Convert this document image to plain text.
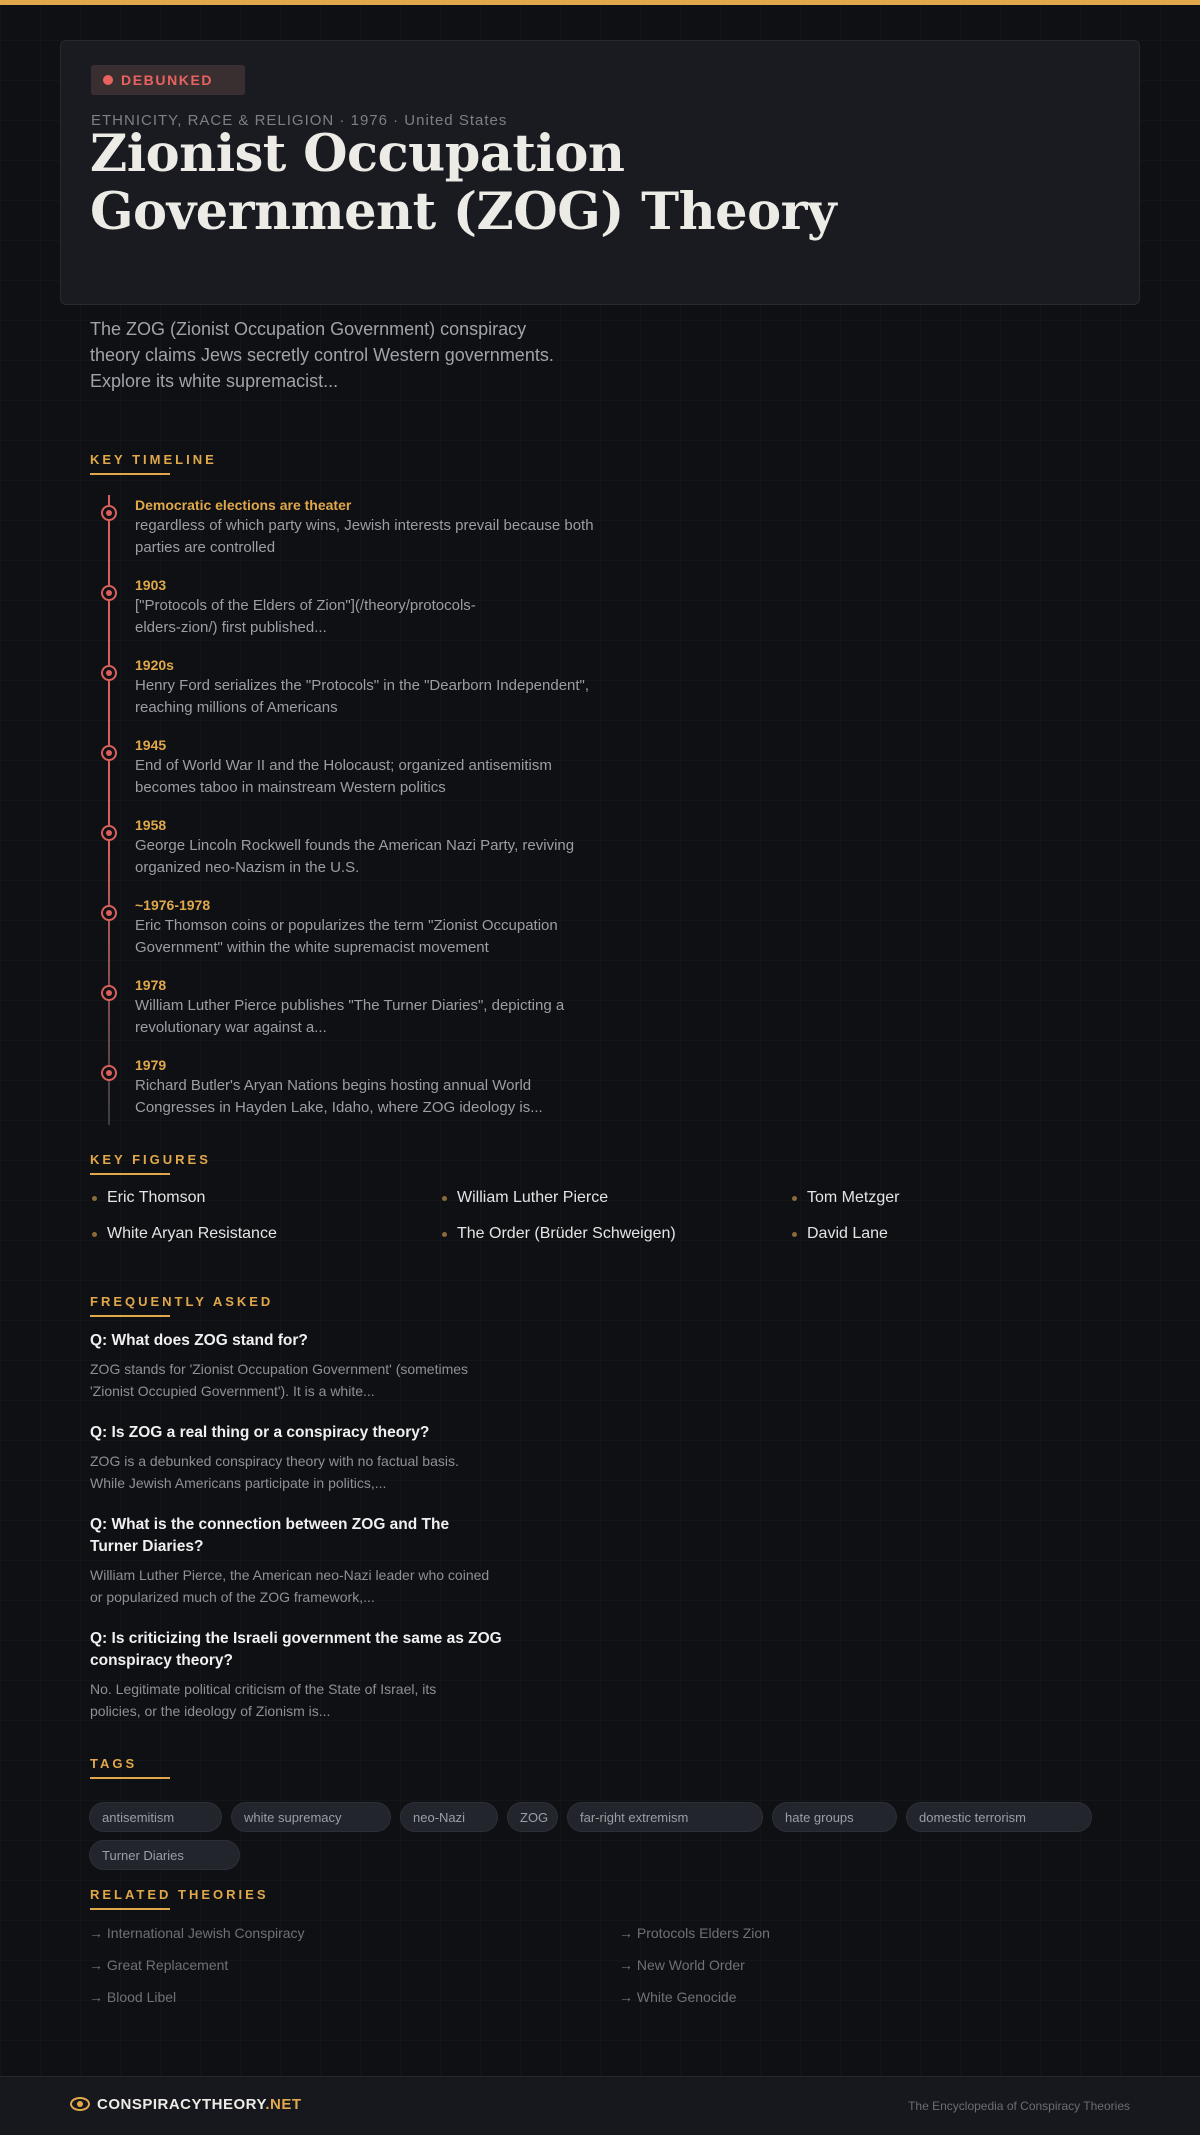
DEBUNKED
ETHNICITY, RACE & RELIGION · 1976 · United States
Zionist Occupation
Government (ZOG) Theory

The ZOG (Zionist Occupation Government) conspiracy theory claims Jews secretly control Western governments. Explore its white supremacist...

KEY TIMELINE
Democratic elections are theater
regardless of which party wins, Jewish interests prevail because both parties are controlled
1903
["Protocols of the Elders of Zion"](/theory/protocols-elders-zion/) first published...
1920s
Henry Ford serializes the "Protocols" in the "Dearborn Independent", reaching millions of Americans
1945
End of World War II and the Holocaust; organized antisemitism becomes taboo in mainstream Western politics
1958
George Lincoln Rockwell founds the American Nazi Party, reviving organized neo-Nazism in the U.S.
~1976-1978
Eric Thomson coins or popularizes the term "Zionist Occupation Government" within the white supremacist movement
1978
William Luther Pierce publishes "The Turner Diaries", depicting a revolutionary war against a...
1979
Richard Butler's Aryan Nations begins hosting annual World Congresses in Hayden Lake, Idaho, where ZOG ideology is...
KEY FIGURES
Eric Thomson	William Luther Pierce	Tom Metzger
White Aryan Resistance	The Order (Brüder Schweigen)	David Lane
FREQUENTLY ASKED
Q: What does ZOG stand for?
ZOG stands for 'Zionist Occupation Government' (sometimes 'Zionist Occupied Government'). It is a white...
Q: Is ZOG a real thing or a conspiracy theory?
ZOG is a debunked conspiracy theory with no factual basis. While Jewish Americans participate in politics,...
Q: What is the connection between ZOG and The Turner Diaries?
William Luther Pierce, the American neo-Nazi leader who coined or popularized much of the ZOG framework,...
Q: Is criticizing the Israeli government the same as ZOG conspiracy theory?
No. Legitimate political criticism of the State of Israel, its policies, or the ideology of Zionism is...
TAGS
antisemitism	white supremacy	neo-Nazi	ZOG	far-right extremism	hate groups	domestic terrorism
Turner Diaries
RELATED THEORIES
→ International Jewish Conspiracy	→ Protocols Elders Zion
→ Great Replacement	→ New World Order
→ Blood Libel	→ White Genocide
CONSPIRACYTHEORY.NET	The Encyclopedia of Conspiracy Theories
